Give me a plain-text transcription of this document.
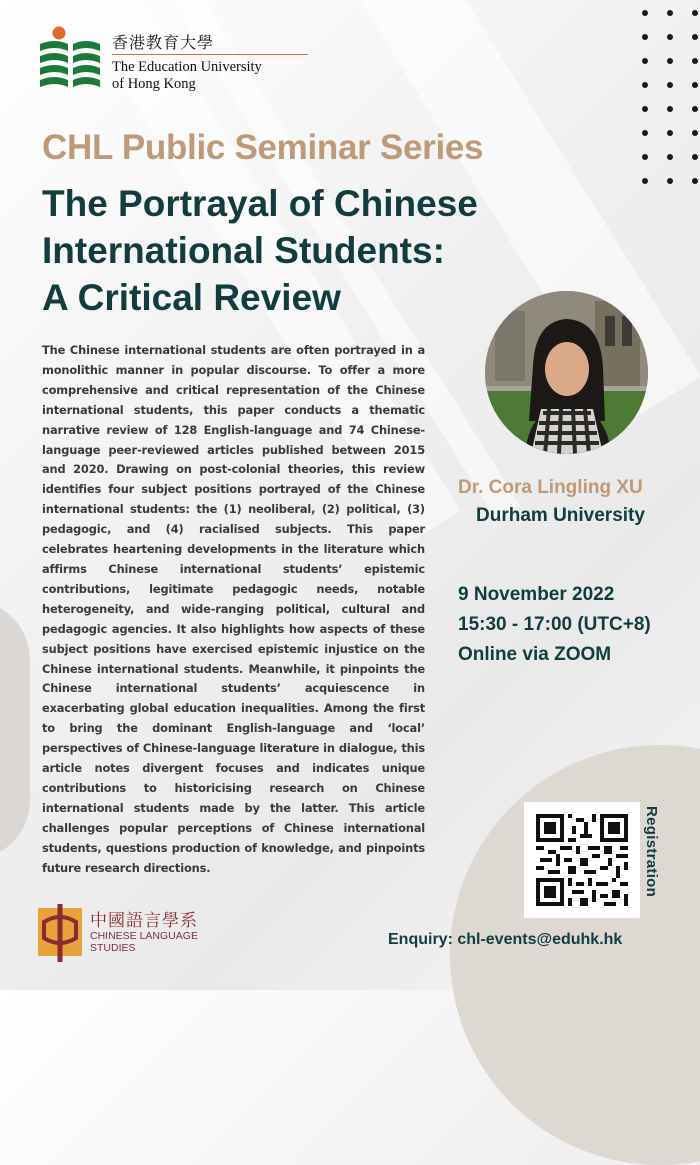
香港教育大學
The Education University
of Hong Kong
CHL Public Seminar Series
The Portrayal of Chinese
International Students:
A Critical Review
The Chinese international students are often portrayed in a monolithic manner in popular discourse. To offer a more comprehensive and critical representation of the Chinese international students, this paper conducts a thematic narrative review of 128 English-language and 74 Chinese-language peer-reviewed articles published between 2015 and 2020. Drawing on post-colonial theories, this review identifies four subject positions portrayed of the Chinese international students: the (1) neoliberal, (2) political, (3) pedagogic, and (4) racialised subjects. This paper celebrates heartening developments in the literature which affirms Chinese international students’ epistemic contributions, legitimate pedagogic needs, notable heterogeneity, and wide-ranging political, cultural and pedagogic agencies. It also highlights how aspects of these subject positions have exercised epistemic injustice on the Chinese international students. Meanwhile, it pinpoints the Chinese international students’ acquiescence in exacerbating global education inequalities. Among the first to bring the dominant English-language and ‘local’ perspectives of Chinese-language literature in dialogue, this article notes divergent focuses and indicates unique contributions to historicising research on Chinese international students made by the latter. This article challenges popular perceptions of Chinese international students, questions production of knowledge, and pinpoints future research directions.
Dr. Cora Lingling XU
Durham University
9 November 2022
15:30 - 17:00 (UTC+8)
Online via ZOOM
Registration
Enquiry: chl-events@eduhk.hk
中國語言學系
CHINESE LANGUAGE
STUDIES
